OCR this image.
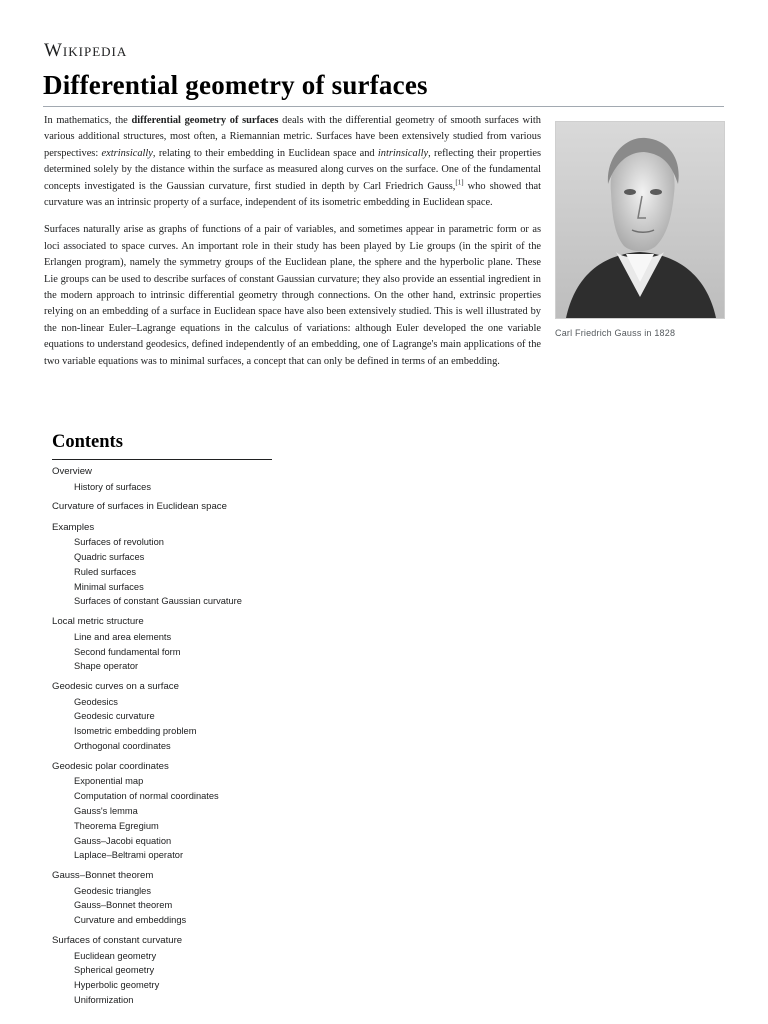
Wikipedia
Differential geometry of surfaces
Carl Friedrich Gauss in 1828

In mathematics, the differential geometry of surfaces deals with the differential geometry of smooth surfaces with various additional structures, most often, a Riemannian metric. Surfaces have been extensively studied from various perspectives: extrinsically, relating to their embedding in Euclidean space and intrinsically, reflecting their properties determined solely by the distance within the surface as measured along curves on the surface. One of the fundamental concepts investigated is the Gaussian curvature, first studied in depth by Carl Friedrich Gauss,[1] who showed that curvature was an intrinsic property of a surface, independent of its isometric embedding in Euclidean space.

Surfaces naturally arise as graphs of functions of a pair of variables, and sometimes appear in parametric form or as loci associated to space curves. An important role in their study has been played by Lie groups (in the spirit of the Erlangen program), namely the symmetry groups of the Euclidean plane, the sphere and the hyperbolic plane. These Lie groups can be used to describe surfaces of constant Gaussian curvature; they also provide an essential ingredient in the modern approach to intrinsic differential geometry through connections. On the other hand, extrinsic properties relying on an embedding of a surface in Euclidean space have also been extensively studied. This is well illustrated by the non-linear Euler–Lagrange equations in the calculus of variations: although Euler developed the one variable equations to understand geodesics, defined independently of an embedding, one of Lagrange's main applications of the two variable equations was to minimal surfaces, a concept that can only be defined in terms of an embedding.

Contents
Overview
History of surfaces
Curvature of surfaces in Euclidean space
Examples
Surfaces of revolution
Quadric surfaces
Ruled surfaces
Minimal surfaces
Surfaces of constant Gaussian curvature
Local metric structure
Line and area elements
Second fundamental form
Shape operator
Geodesic curves on a surface
Geodesics
Geodesic curvature
Isometric embedding problem
Orthogonal coordinates
Geodesic polar coordinates
Exponential map
Computation of normal coordinates
Gauss's lemma
Theorema Egregium
Gauss–Jacobi equation
Laplace–Beltrami operator
Gauss–Bonnet theorem
Geodesic triangles
Gauss–Bonnet theorem
Curvature and embeddings
Surfaces of constant curvature
Euclidean geometry
Spherical geometry
Hyperbolic geometry
Uniformization
